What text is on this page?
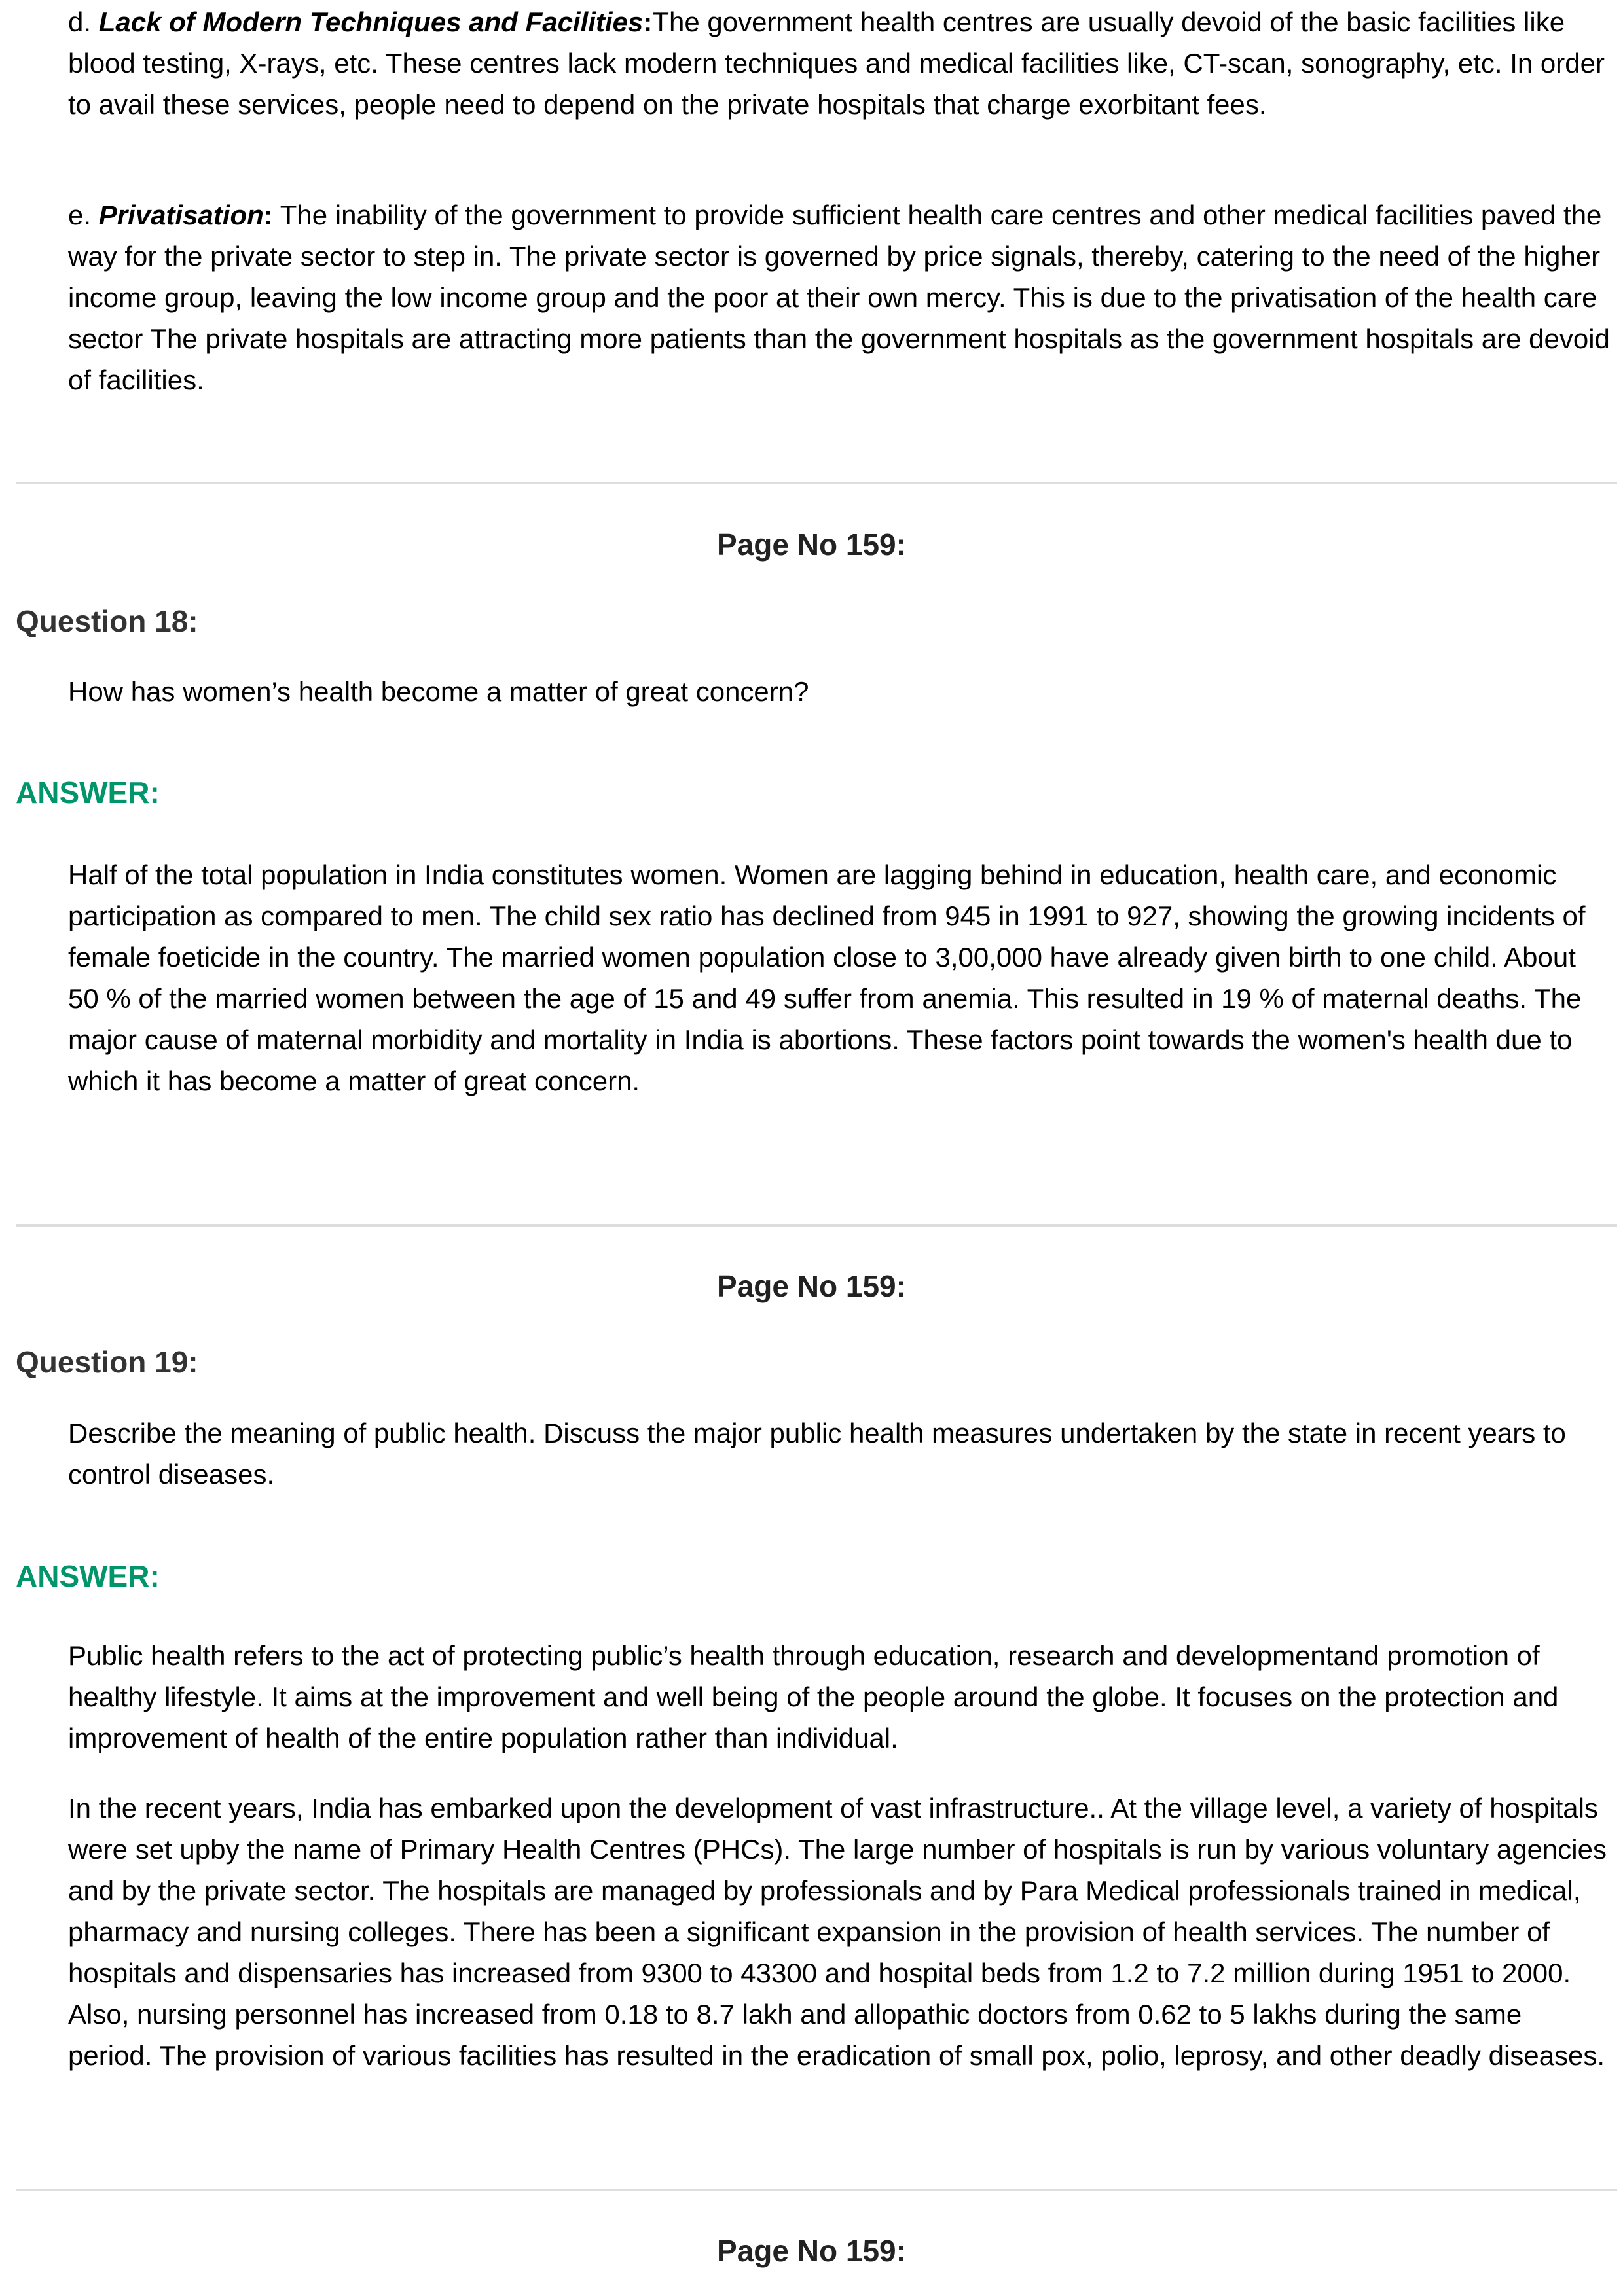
d. Lack of Modern Techniques and Facilities:The government health centres are usually devoid of the basic facilities like blood testing, X-rays, etc. These centres lack modern techniques and medical facilities like, CT-scan, sonography, etc. In order to avail these services, people need to depend on the private hospitals that charge exorbitant fees.

e. Privatisation: The inability of the government to provide sufficient health care centres and other medical facilities paved the way for the private sector to step in. The private sector is governed by price signals, thereby, catering to the need of the higher income group, leaving the low income group and the poor at their own mercy. This is due to the privatisation of the health care sector The private hospitals are attracting more patients than the government hospitals as the government hospitals are devoid of facilities.

Page No 159:
Question 18:

How has women’s health become a matter of great concern?

ANSWER:

Half of the total population in India constitutes women. Women are lagging behind in education, health care, and economic participation as compared to men. The child sex ratio has declined from 945 in 1991 to 927, showing the growing incidents of female foeticide in the country. The married women population close to 3,00,000 have already given birth to one child. About 50 % of the married women between the age of 15 and 49 suffer from anemia. This resulted in 19 % of maternal deaths. The major cause of maternal morbidity and mortality in India is abortions. These factors point towards the women's health due to which it has become a matter of great concern.

Page No 159:
Question 19:

Describe the meaning of public health. Discuss the major public health measures undertaken by the state in recent years to control diseases.

ANSWER:

Public health refers to the act of protecting public’s health through education, research and developmentand promotion of healthy lifestyle. It aims at the improvement and well being of the people around the globe. It focuses on the protection and improvement of health of the entire population rather than individual.

In the recent years, India has embarked upon the development of vast infrastructure.. At the village level, a variety of hospitals were set upby the name of Primary Health Centres (PHCs). The large number of hospitals is run by various voluntary agencies and by the private sector. The hospitals are managed by professionals and by Para Medical professionals trained in medical, pharmacy and nursing colleges. There has been a significant expansion in the provision of health services. The number of hospitals and dispensaries has increased from 9300 to 43300 and hospital beds from 1.2 to 7.2 million during 1951 to 2000. Also, nursing personnel has increased from 0.18 to 8.7 lakh and allopathic doctors from 0.62 to 5 lakhs during the same period. The provision of various facilities has resulted in the eradication of small pox, polio, leprosy, and other deadly diseases.

Page No 159:
